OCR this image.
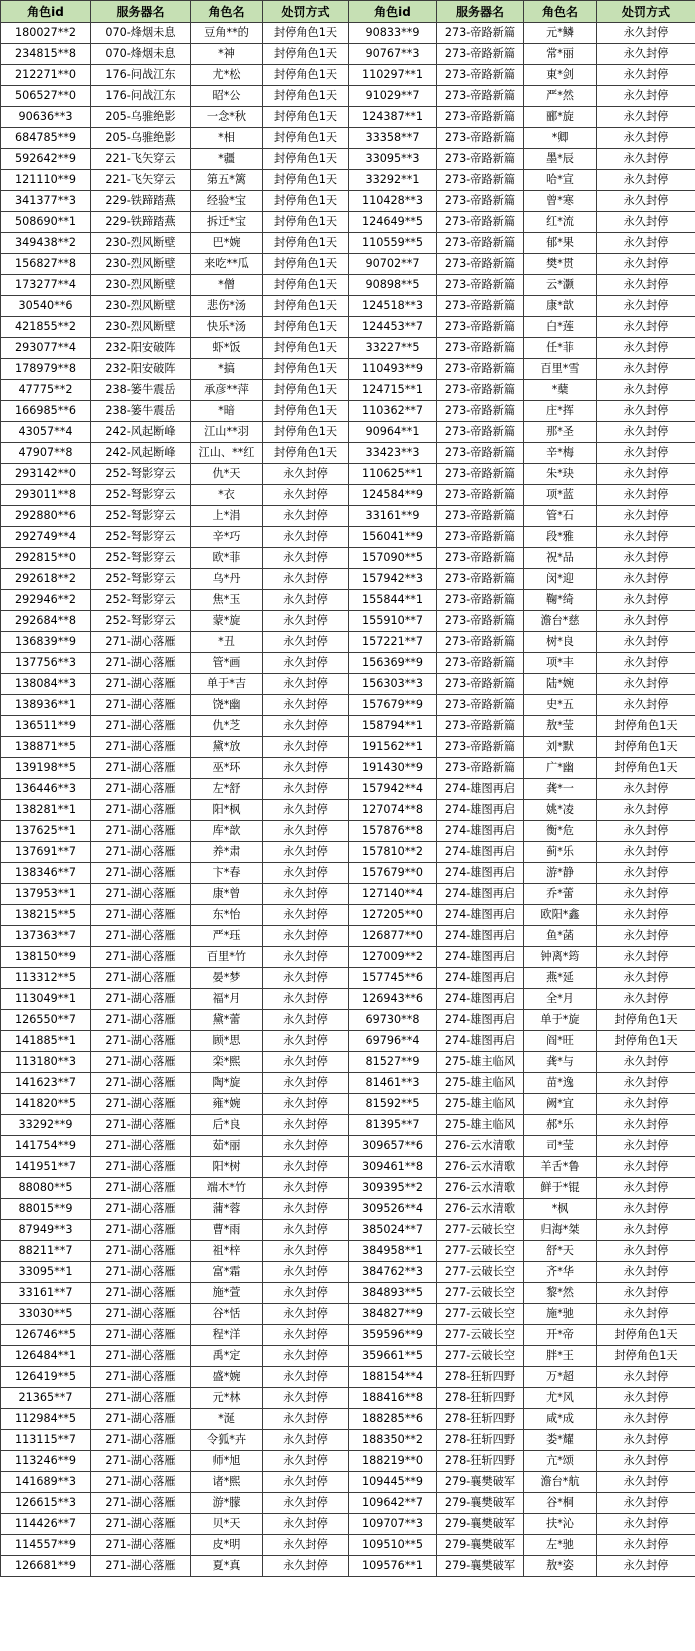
角色id	服务器名	角色名	处罚方式	角色id	服务器名	角色名	处罚方式
180027**2	070-烽烟未息	豆角**的	封停角色1天	90833**9	273-帝路新篇	元*鳞	永久封停
234815**8	070-烽烟未息	*神	封停角色1天	90767**3	273-帝路新篇	常*丽	永久封停
212271**0	176-问战江东	尤*松	封停角色1天	110297**1	273-帝路新篇	東*剑	永久封停
506527**0	176-问战江东	昭*公	封停角色1天	91029**7	273-帝路新篇	严*然	永久封停
90636**3	205-乌骓绝影	一念*秋	封停角色1天	124387**1	273-帝路新篇	郦*旋	永久封停
684785**9	205-乌骓绝影	*相	封停角色1天	33358**7	273-帝路新篇	*卿	永久封停
592642**9	221-飞矢穿云	*疆	封停角色1天	33095**3	273-帝路新篇	墨*辰	永久封停
121110**9	221-飞矢穿云	第五*篱	封停角色1天	33292**1	273-帝路新篇	哈*宣	永久封停
341377**3	229-铁蹄踏燕	经验*宝	封停角色1天	110428**3	273-帝路新篇	曾*寒	永久封停
508690**1	229-铁蹄踏燕	拆迁*宝	封停角色1天	124649**5	273-帝路新篇	红*流	永久封停
349438**2	230-烈风断壁	巴*婉	封停角色1天	110559**5	273-帝路新篇	郁*果	永久封停
156827**8	230-烈风断壁	来吃**瓜	封停角色1天	90702**7	273-帝路新篇	樊*贯	永久封停
173277**4	230-烈风断壁	*僧	封停角色1天	90898**5	273-帝路新篇	云*灏	永久封停
30540**6	230-烈风断壁	悲伤*汤	封停角色1天	124518**3	273-帝路新篇	康*歆	永久封停
421855**2	230-烈风断壁	快乐*汤	封停角色1天	124453**7	273-帝路新篇	白*莲	永久封停
293077**4	232-阳安破阵	虾*饭	封停角色1天	33227**5	273-帝路新篇	任*菲	永久封停
178979**8	232-阳安破阵	*搞	封停角色1天	110493**9	273-帝路新篇	百里*雪	永久封停
47775**2	238-篓牛震岳	承彦**萍	封停角色1天	124715**1	273-帝路新篇	*蘖	永久封停
166985**6	238-篓牛震岳	*暗	封停角色1天	110362**7	273-帝路新篇	庄*挥	永久封停
43057**4	242-风起断峰	江山**羽	封停角色1天	90964**1	273-帝路新篇	那*圣	永久封停
47907**8	242-风起断峰	江山、**红	封停角色1天	33423**3	273-帝路新篇	辛*梅	永久封停
293142**0	252-弩影穿云	仇*天	永久封停	110625**1	273-帝路新篇	朱*玦	永久封停
293011**8	252-弩影穿云	*衣	永久封停	124584**9	273-帝路新篇	项*蓝	永久封停
292880**6	252-弩影穿云	上*涓	永久封停	33161**9	273-帝路新篇	管*石	永久封停
292749**4	252-弩影穿云	辛*巧	永久封停	156041**9	273-帝路新篇	段*雅	永久封停
292815**0	252-弩影穿云	欧*菲	永久封停	157090**5	273-帝路新篇	祝*品	永久封停
292618**2	252-弩影穿云	乌*丹	永久封停	157942**3	273-帝路新篇	闵*迎	永久封停
292946**2	252-弩影穿云	焦*玉	永久封停	155844**1	273-帝路新篇	鞠*绮	永久封停
292684**8	252-弩影穿云	蒙*旋	永久封停	155910**7	273-帝路新篇	澹台*慈	永久封停
136839**9	271-湖心落雁	*丑	永久封停	157221**7	273-帝路新篇	树*良	永久封停
137756**3	271-湖心落雁	管*画	永久封停	156369**9	273-帝路新篇	项*丰	永久封停
138084**3	271-湖心落雁	单于*吉	永久封停	156303**3	273-帝路新篇	陆*婉	永久封停
138936**1	271-湖心落雁	饶*幽	永久封停	157679**9	273-帝路新篇	史*五	永久封停
136511**9	271-湖心落雁	仇*芝	永久封停	158794**1	273-帝路新篇	敖*莹	封停角色1天
138871**5	271-湖心落雁	黛*放	永久封停	191562**1	273-帝路新篇	刘*默	封停角色1天
139198**5	271-湖心落雁	巫*环	永久封停	191430**9	273-帝路新篇	广*幽	封停角色1天
136446**3	271-湖心落雁	左*舒	永久封停	157942**4	274-雄图再启	龚*一	永久封停
138281**1	271-湖心落雁	阳*枫	永久封停	127074**8	274-雄图再启	姚*凌	永久封停
137625**1	271-湖心落雁	库*歆	永久封停	157876**8	274-雄图再启	衡*危	永久封停
137691**7	271-湖心落雁	养*肃	永久封停	157810**2	274-雄图再启	蓟*乐	永久封停
138346**7	271-湖心落雁	卞*春	永久封停	157679**0	274-雄图再启	游*静	永久封停
137953**1	271-湖心落雁	康*曾	永久封停	127140**4	274-雄图再启	乔*蕾	永久封停
138215**5	271-湖心落雁	东*怡	永久封停	127205**0	274-雄图再启	欧阳*鑫	永久封停
137363**7	271-湖心落雁	严*珏	永久封停	126877**0	274-雄图再启	鱼*菡	永久封停
138150**9	271-湖心落雁	百里*竹	永久封停	127009**2	274-雄图再启	钟离*筠	永久封停
113312**5	271-湖心落雁	晏*梦	永久封停	157745**6	274-雄图再启	燕*延	永久封停
113049**1	271-湖心落雁	福*月	永久封停	126943**6	274-雄图再启	全*月	永久封停
126550**7	271-湖心落雁	黛*蕾	永久封停	69730**8	274-雄图再启	单于*旋	封停角色1天
141885**1	271-湖心落雁	顾*思	永久封停	69796**4	274-雄图再启	阎*旺	封停角色1天
113180**3	271-湖心落雁	栾*熙	永久封停	81527**9	275-雄主临风	龚*与	永久封停
141623**7	271-湖心落雁	陶*旋	永久封停	81461**3	275-雄主临风	苗*逸	永久封停
141820**5	271-湖心落雁	雍*婉	永久封停	81592**5	275-雄主临风	阙*宜	永久封停
33292**9	271-湖心落雁	后*良	永久封停	81395**7	275-雄主临风	郝*乐	永久封停
141754**9	271-湖心落雁	茹*丽	永久封停	309657**6	276-云水清歌	司*莹	永久封停
141951**7	271-湖心落雁	阳*树	永久封停	309461**8	276-云水清歌	羊舌*鲁	永久封停
88080**5	271-湖心落雁	端木*竹	永久封停	309395**2	276-云水清歌	鲜于*锟	永久封停
88015**9	271-湖心落雁	蒲*蓉	永久封停	309526**4	276-云水清歌	*枫	永久封停
87949**3	271-湖心落雁	曹*雨	永久封停	385024**7	277-云破长空	归海*桀	永久封停
88211**7	271-湖心落雁	祖*梓	永久封停	384958**1	277-云破长空	舒*天	永久封停
33095**1	271-湖心落雁	富*霜	永久封停	384762**3	277-云破长空	齐*华	永久封停
33161**7	271-湖心落雁	施*萱	永久封停	384893**5	277-云破长空	黎*然	永久封停
33030**5	271-湖心落雁	谷*恬	永久封停	384827**9	277-云破长空	施*驰	永久封停
126746**5	271-湖心落雁	程*洋	永久封停	359596**9	277-云破长空	开*帝	封停角色1天
126484**1	271-湖心落雁	禹*定	永久封停	359661**5	277-云破长空	胖*王	封停角色1天
126419**5	271-湖心落雁	盛*婉	永久封停	188154**4	278-狂斩四野	万*超	永久封停
21365**7	271-湖心落雁	元*林	永久封停	188416**8	278-狂斩四野	尤*风	永久封停
112984**5	271-湖心落雁	*涎	永久封停	188285**6	278-狂斩四野	咸*成	永久封停
113115**7	271-湖心落雁	令狐*卉	永久封停	188350**2	278-狂斩四野	娄*耀	永久封停
113246**9	271-湖心落雁	师*旭	永久封停	188219**0	278-狂斩四野	亢*颂	永久封停
141689**3	271-湖心落雁	诸*熙	永久封停	109445**9	279-襄樊破军	澹台*航	永久封停
126615**3	271-湖心落雁	游*朦	永久封停	109642**7	279-襄樊破军	谷*桐	永久封停
114426**7	271-湖心落雁	贝*天	永久封停	109707**3	279-襄樊破军	扶*沁	永久封停
114557**9	271-湖心落雁	皮*明	永久封停	109510**5	279-襄樊破军	左*驰	永久封停
126681**9	271-湖心落雁	夏*真	永久封停	109576**1	279-襄樊破军	敖*姿	永久封停
